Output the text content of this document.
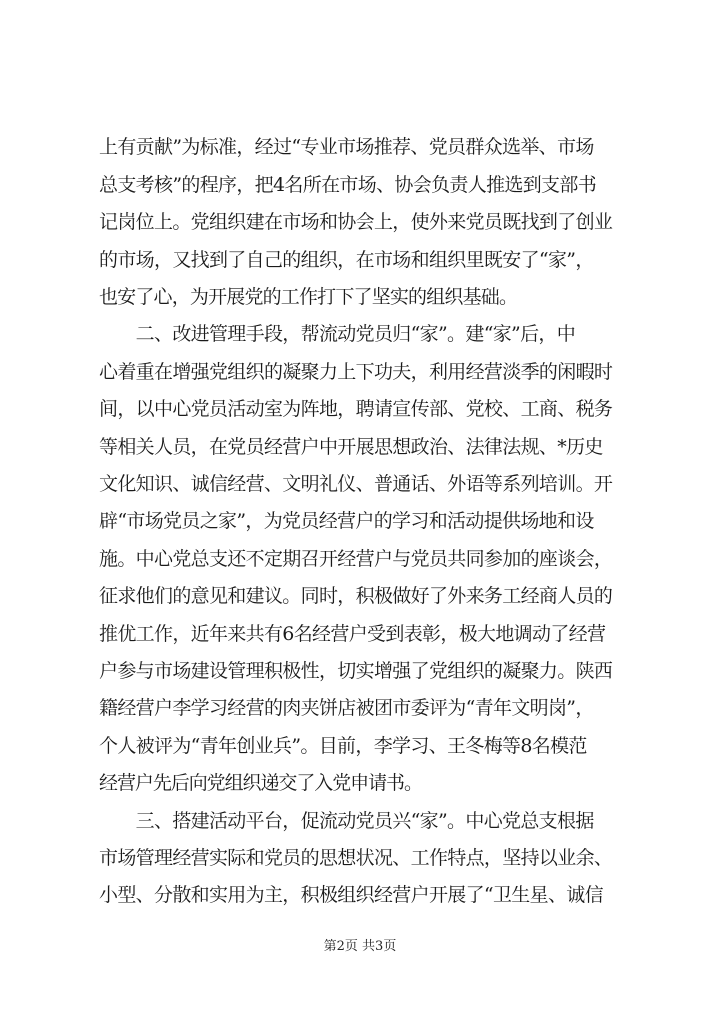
上有贡献”为标准，经过“专业市场推荐、党员群众选举、市场
总支考核”的程序，把4名所在市场、协会负责人推选到支部书
记岗位上。党组织建在市场和协会上，使外来党员既找到了创业
的市场，又找到了自己的组织，在市场和组织里既安了“家”，
也安了心，为开展党的工作打下了坚实的组织基础。
　　二、改进管理手段，帮流动党员归“家”。建“家”后，中
心着重在增强党组织的凝聚力上下功夫，利用经营淡季的闲暇时
间，以中心党员活动室为阵地，聘请宣传部、党校、工商、税务
等相关人员，在党员经营户中开展思想政治、法律法规、*历史
文化知识、诚信经营、文明礼仪、普通话、外语等系列培训。开
辟“市场党员之家”，为党员经营户的学习和活动提供场地和设
施。中心党总支还不定期召开经营户与党员共同参加的座谈会，
征求他们的意见和建议。同时，积极做好了外来务工经商人员的
推优工作，近年来共有6名经营户受到表彰，极大地调动了经营
户参与市场建设管理积极性，切实增强了党组织的凝聚力。陕西
籍经营户李学习经营的肉夹饼店被团市委评为“青年文明岗”，
个人被评为“青年创业兵”。目前，李学习、王冬梅等8名模范
经营户先后向党组织递交了入党申请书。
　　三、搭建活动平台，促流动党员兴“家”。中心党总支根据
市场管理经营实际和党员的思想状况、工作特点，坚持以业余、
小型、分散和实用为主，积极组织经营户开展了“卫生星、诚信
第2页 共3页
